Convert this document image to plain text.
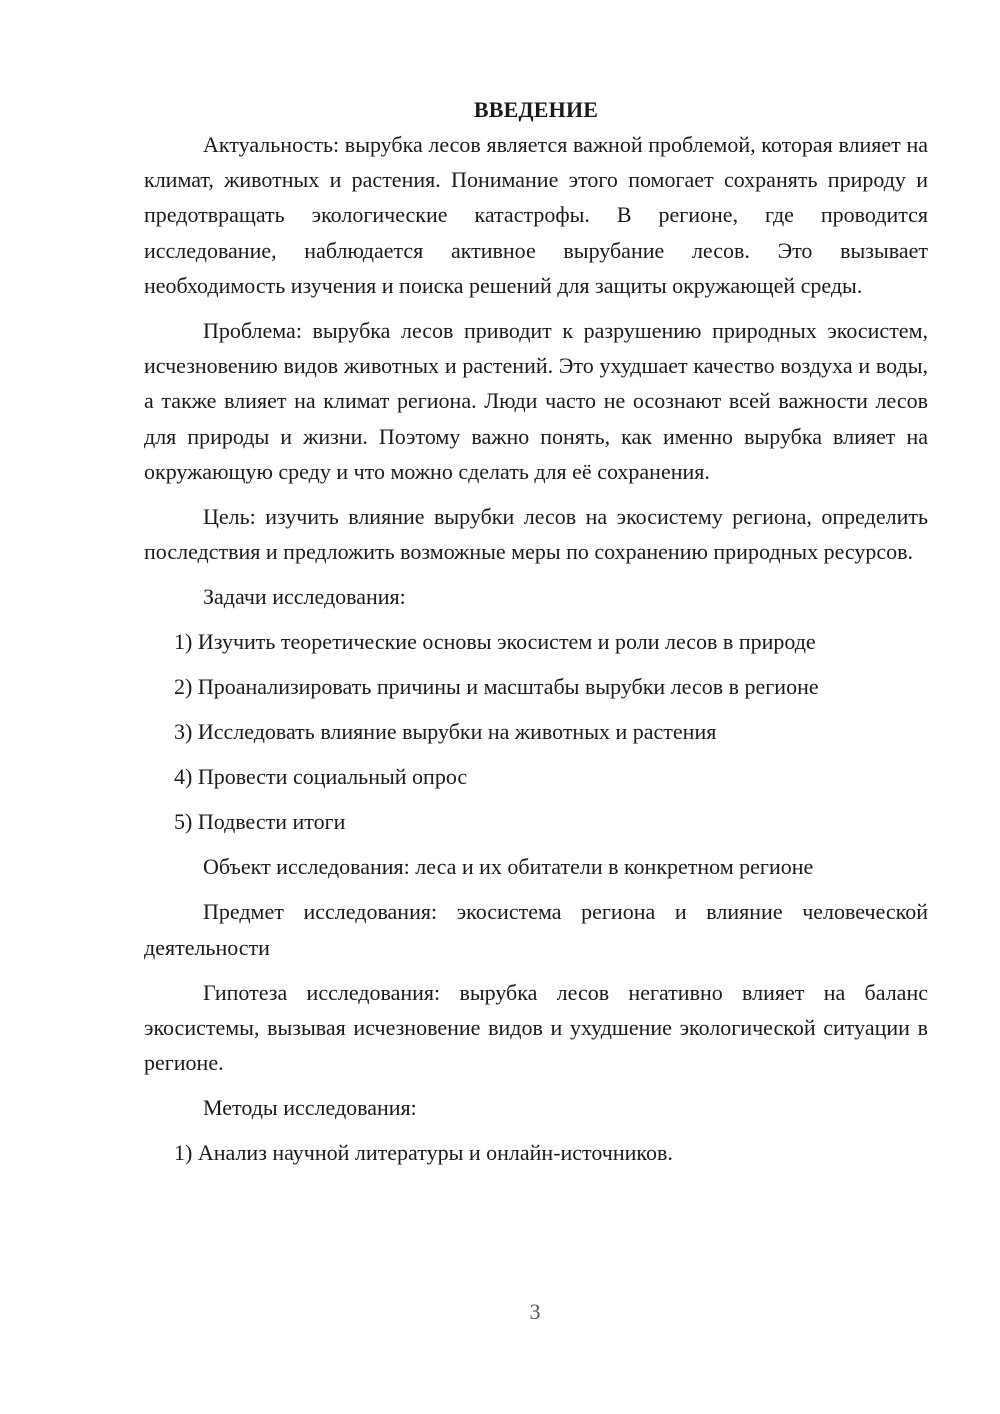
ВВЕДЕНИЕ

Актуальность: вырубка лесов является важной проблемой, которая влияет на климат, животных и растения. Понимание этого помогает сохранять природу и предотвращать экологические катастрофы. В регионе, где проводится исследование, наблюдается активное вырубание лесов. Это вызывает необходимость изучения и поиска решений для защиты окружающей среды.

Проблема: вырубка лесов приводит к разрушению природных экосистем, исчезновению видов животных и растений. Это ухудшает качество воздуха и воды, а также влияет на климат региона. Люди часто не осознают всей важности лесов для природы и жизни. Поэтому важно понять, как именно вырубка влияет на окружающую среду и что можно сделать для её сохранения.

Цель: изучить влияние вырубки лесов на экосистему региона, определить последствия и предложить возможные меры по сохранению природных ресурсов.

Задачи исследования:

1) Изучить теоретические основы экосистем и роли лесов в природе

2) Проанализировать причины и масштабы вырубки лесов в регионе

3) Исследовать влияние вырубки на животных и растения

4) Провести социальный опрос

5) Подвести итоги

Объект исследования: леса и их обитатели в конкретном регионе

Предмет исследования: экосистема региона и влияние человеческой деятельности

Гипотеза исследования: вырубка лесов негативно влияет на баланс экосистемы, вызывая исчезновение видов и ухудшение экологической ситуации в регионе.

Методы исследования:

1) Анализ научной литературы и онлайн-источников.

3
